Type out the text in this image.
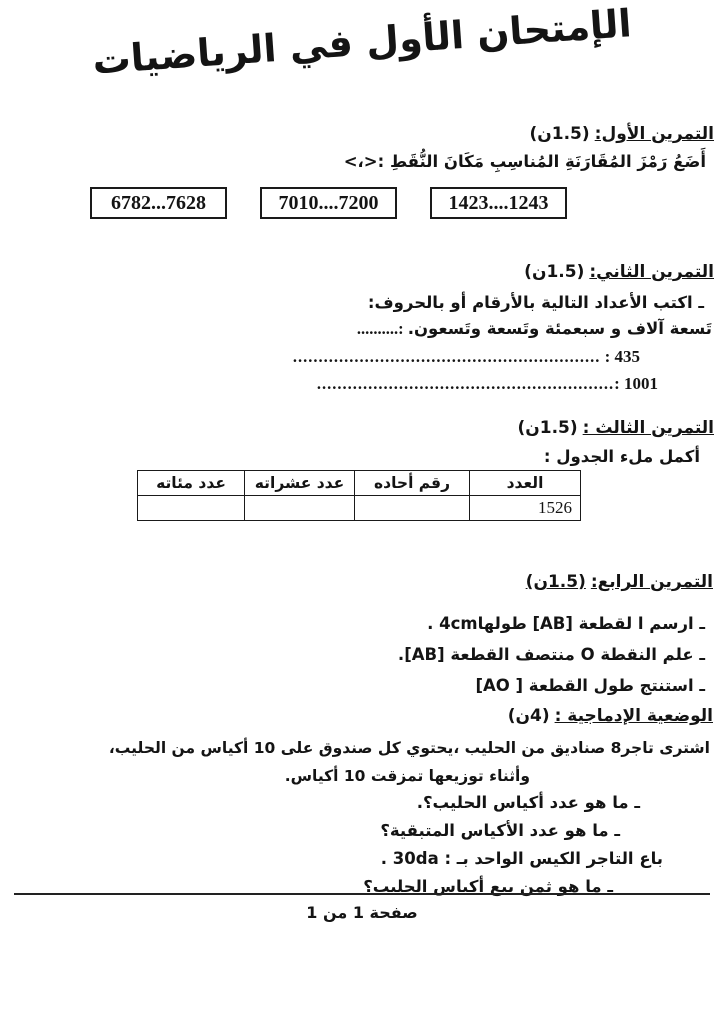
الإمتحان الأول في الرياضيات
التمرين الأول:(1.5ن)
أَضَعُ رَمْزَ المُقَارَنَةِ المُناسِبِ مَكَانَ النُّقَطِ :<،>
6782...7628	7010....7200	1423....1243
التمرين الثاني:(1.5ن)
ـ اكتب الأعداد التالية بالأرقام أو بالحروف:
..........: تَسعة آلاف و سبعمئة وتَسعة وتَسعون.
............................................................ : 435
..........................................................: 1001
التمرين الثالث :(1.5ن)
أكمل ملء الجدول :
العدد	رقم أحاده	عدد عشراته	عدد مئاته
1526			
التمرين الرابع:(1.5ن)
ـ ارسم ا لقطعة [AB] طولها4cm .
ـ علم النقطة O منتصف القطعة [AB].
ـ استنتج طول القطعة [ AO]
الوضعية الإدماجية :(4ن)
اشترى تاجر8 صناديق من الحليب ،يحتوي كل صندوق على 10 أكياس من الحليب،
وأثناء توزيعها تمزقت 10 أكياس.
ـ ما هو عدد أكياس الحليب؟.
ـ ما هو عدد الأكياس المتبقية؟
باع التاجر الكيس الواحد بـ : 30da .
ـ ما هو ثمن بيع أكياس الحليب؟
صفحة 1 من 1
